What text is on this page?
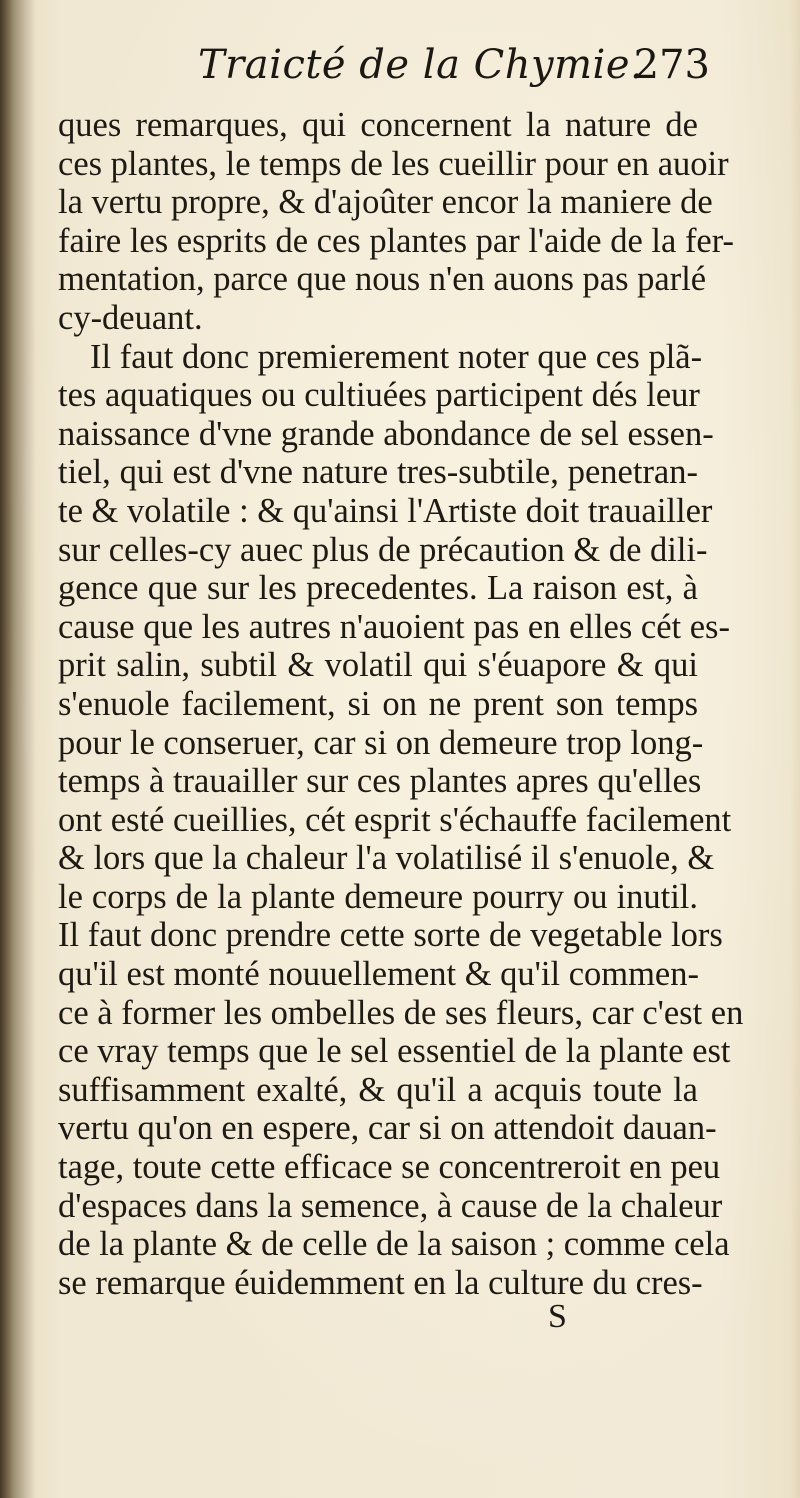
Traicté de la Chymie.
273
ques remarques, qui concernent la nature de
ces plantes, le temps de les cueillir pour en auoir
la vertu propre, & d'ajoûter encor la maniere de
faire les esprits de ces plantes par l'aide de la fer-
mentation, parce que nous n'en auons pas parlé
cy-deuant.
Il faut donc premierement noter que ces plã-
tes aquatiques ou cultiuées participent dés leur
naissance d'vne grande abondance de sel essen-
tiel, qui est d'vne nature tres-subtile, penetran-
te & volatile : & qu'ainsi l'Artiste doit trauailler
sur celles-cy auec plus de précaution & de dili-
gence que sur les precedentes. La raison est, à
cause que les autres n'auoient pas en elles cét es-
prit salin, subtil & volatil qui s'éuapore & qui
s'enuole facilement, si on ne prent son temps
pour le conseruer, car si on demeure trop long-
temps à trauailler sur ces plantes apres qu'elles
ont esté cueillies, cét esprit s'échauffe facilement
& lors que la chaleur l'a volatilisé il s'enuole, &
le corps de la plante demeure pourry ou inutil.
Il faut donc prendre cette sorte de vegetable lors
qu'il est monté nouuellement & qu'il commen-
ce à former les ombelles de ses fleurs, car c'est en
ce vray temps que le sel essentiel de la plante est
suffisamment exalté, & qu'il a acquis toute la
vertu qu'on en espere, car si on attendoit dauan-
tage, toute cette efficace se concentreroit en peu
d'espaces dans la semence, à cause de la chaleur
de la plante & de celle de la saison ; comme cela
se remarque éuidemment en la culture du cres-
S
